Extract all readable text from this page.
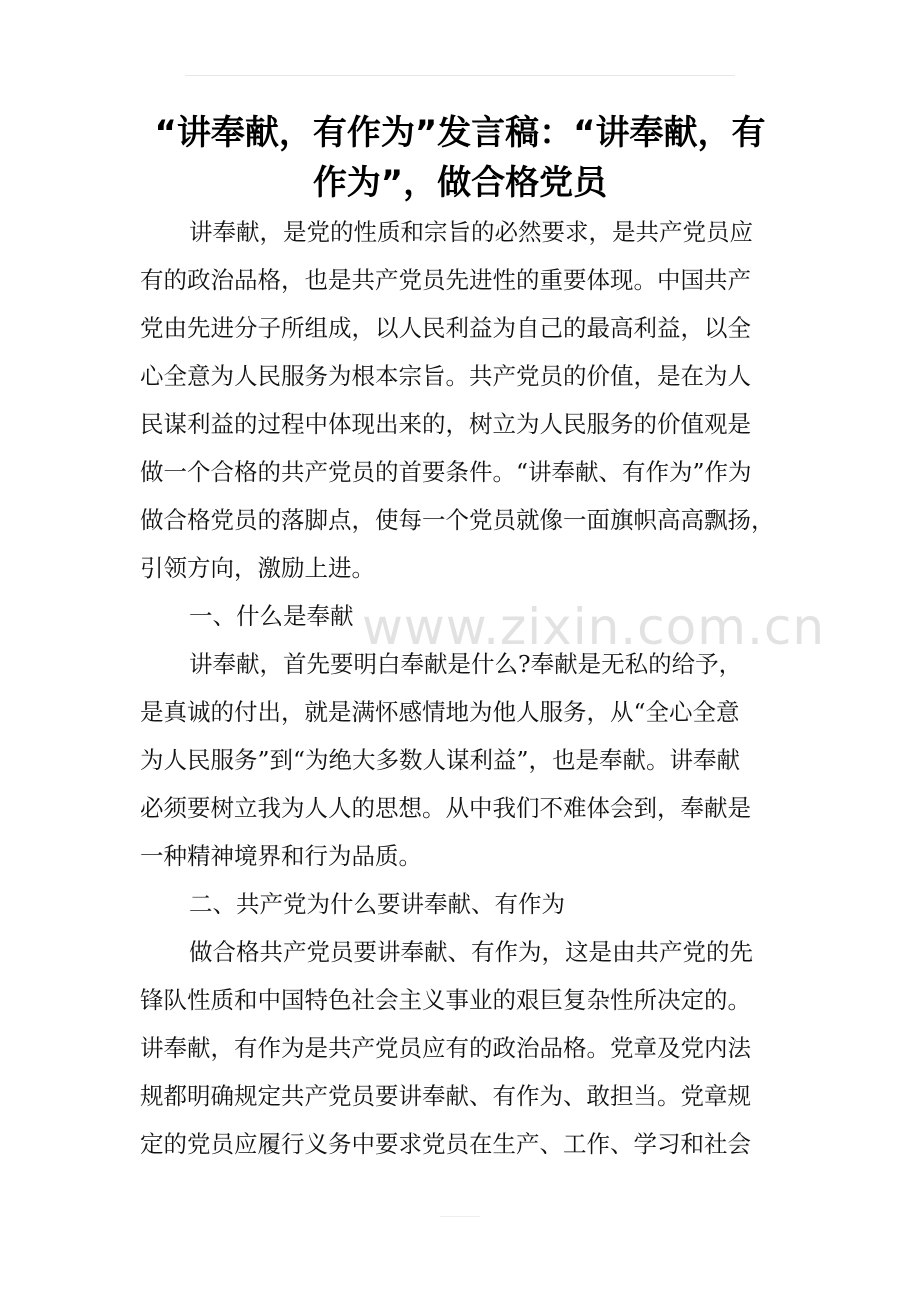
“讲奉献，有作为”发言稿：“讲奉献，有
作为”，做合格党员
讲奉献，是党的性质和宗旨的必然要求，是共产党员应
有的政治品格，也是共产党员先进性的重要体现。中国共产
党由先进分子所组成，以人民利益为自己的最高利益，以全
心全意为人民服务为根本宗旨。共产党员的价值，是在为人
民谋利益的过程中体现出来的，树立为人民服务的价值观是
做一个合格的共产党员的首要条件。“讲奉献、有作为”作为
做合格党员的落脚点，使每一个党员就像一面旗帜高高飘扬，
引领方向，激励上进。
一、什么是奉献
讲奉献，首先要明白奉献是什么?奉献是无私的给予，
是真诚的付出，就是满怀感情地为他人服务，从“全心全意
为人民服务”到“为绝大多数人谋利益”，也是奉献。讲奉献
必须要树立我为人人的思想。从中我们不难体会到，奉献是
一种精神境界和行为品质。
二、共产党为什么要讲奉献、有作为
做合格共产党员要讲奉献、有作为，这是由共产党的先
锋队性质和中国特色社会主义事业的艰巨复杂性所决定的。
讲奉献，有作为是共产党员应有的政治品格。党章及党内法
规都明确规定共产党员要讲奉献、有作为、敢担当。党章规
定的党员应履行义务中要求党员在生产、工作、学习和社会
www.zixin.com.cn
